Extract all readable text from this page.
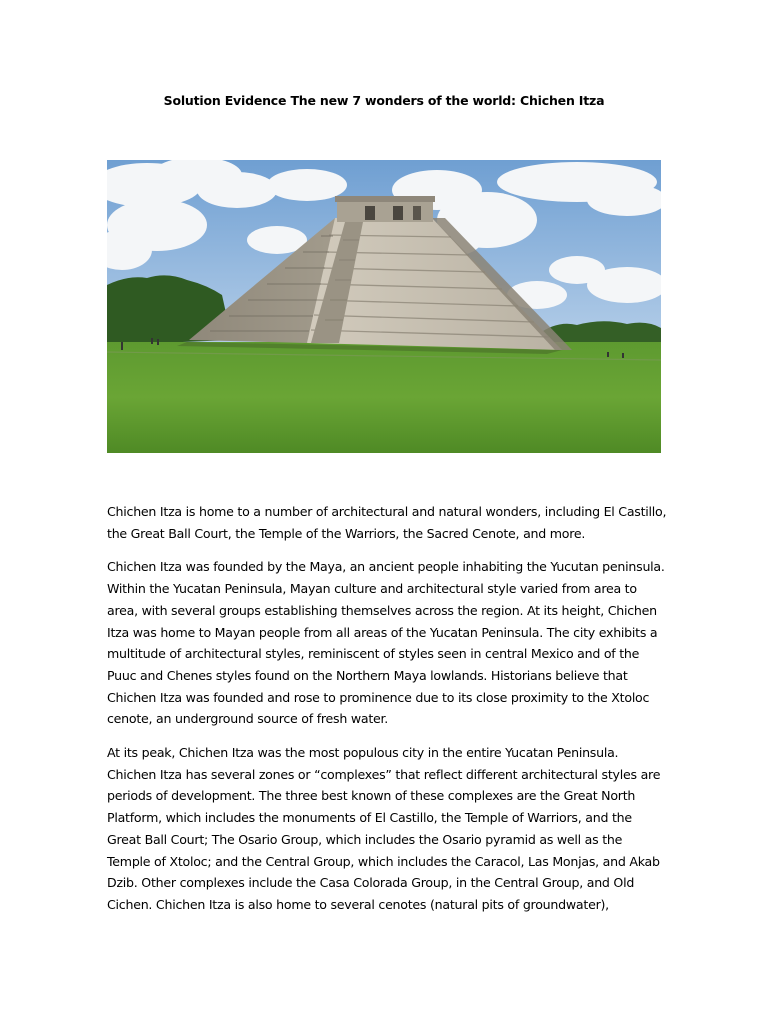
Solution Evidence The new 7 wonders of the world: Chichen Itza

Chichen Itza is home to a number of architectural and natural wonders, including El Castillo, the Great Ball Court, the Temple of the Warriors, the Sacred Cenote, and more.

Chichen Itza was founded by the Maya, an ancient people inhabiting the Yucutan peninsula. Within the Yucatan Peninsula, Mayan culture and architectural style varied from area to area, with several groups establishing themselves across the region. At its height, Chichen Itza was home to Mayan people from all areas of the Yucatan Peninsula. The city exhibits a multitude of architectural styles, reminiscent of styles seen in central Mexico and of the Puuc and Chenes styles found on the Northern Maya lowlands. Historians believe that Chichen Itza was founded and rose to prominence due to its close proximity to the Xtoloc cenote, an underground source of fresh water.

At its peak, Chichen Itza was the most populous city in the entire Yucatan Peninsula. Chichen Itza has several zones or “complexes” that reflect different architectural styles are periods of development. The three best known of these complexes are the Great North Platform, which includes the monuments of El Castillo, the Temple of Warriors, and the Great Ball Court; The Osario Group, which includes the Osario pyramid as well as the Temple of Xtoloc; and the Central Group, which includes the Caracol, Las Monjas, and Akab Dzib. Other complexes include the Casa Colorada Group, in the Central Group, and Old Cichen. Chichen Itza is also home to several cenotes (natural pits of groundwater),
